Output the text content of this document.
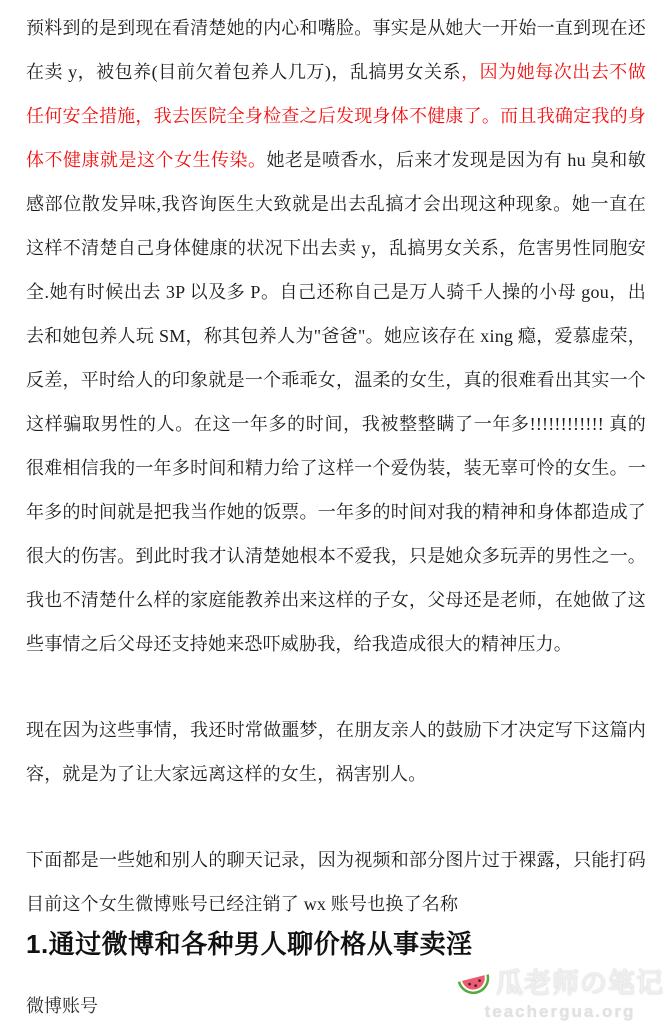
预料到的是到现在看清楚她的内心和嘴脸。事实是从她大一开始一直到现在还在卖 y，被包养(目前欠着包养人几万)，乱搞男女关系，因为她每次出去不做任何安全措施，我去医院全身检查之后发现身体不健康了。而且我确定我的身体不健康就是这个女生传染。她老是喷香水，后来才发现是因为有 hu 臭和敏感部位散发异味,我咨询医生大致就是出去乱搞才会出现这种现象。她一直在这样不清楚自己身体健康的状况下出去卖 y，乱搞男女关系，危害男性同胞安全.她有时候出去 3P 以及多 P。自己还称自己是万人骑千人操的小母 gou，出去和她包养人玩 SM，称其包养人为"爸爸"。她应该存在 xing 瘾，爱慕虚荣，反差，平时给人的印象就是一个乖乖女，温柔的女生，真的很难看出其实一个这样骗取男性的人。在这一年多的时间，我被整整瞒了一年多!!!!!!!!!!!! 真的很难相信我的一年多时间和精力给了这样一个爱伪装，装无辜可怜的女生。一年多的时间就是把我当作她的饭票。一年多的时间对我的精神和身体都造成了很大的伤害。到此时我才认清楚她根本不爱我，只是她众多玩弄的男性之一。我也不清楚什么样的家庭能教养出来这样的子女，父母还是老师，在她做了这些事情之后父母还支持她来恐吓威胁我，给我造成很大的精神压力。

现在因为这些事情，我还时常做噩梦，在朋友亲人的鼓励下才决定写下这篇内容，就是为了让大家远离这样的女生，祸害别人。

下面都是一些她和别人的聊天记录，因为视频和部分图片过于裸露，只能打码目前这个女生微博账号已经注销了 wx 账号也换了名称

1.通过微博和各种男人聊价格从事卖淫
微博账号
瓜老师の笔记
teachergua.org
